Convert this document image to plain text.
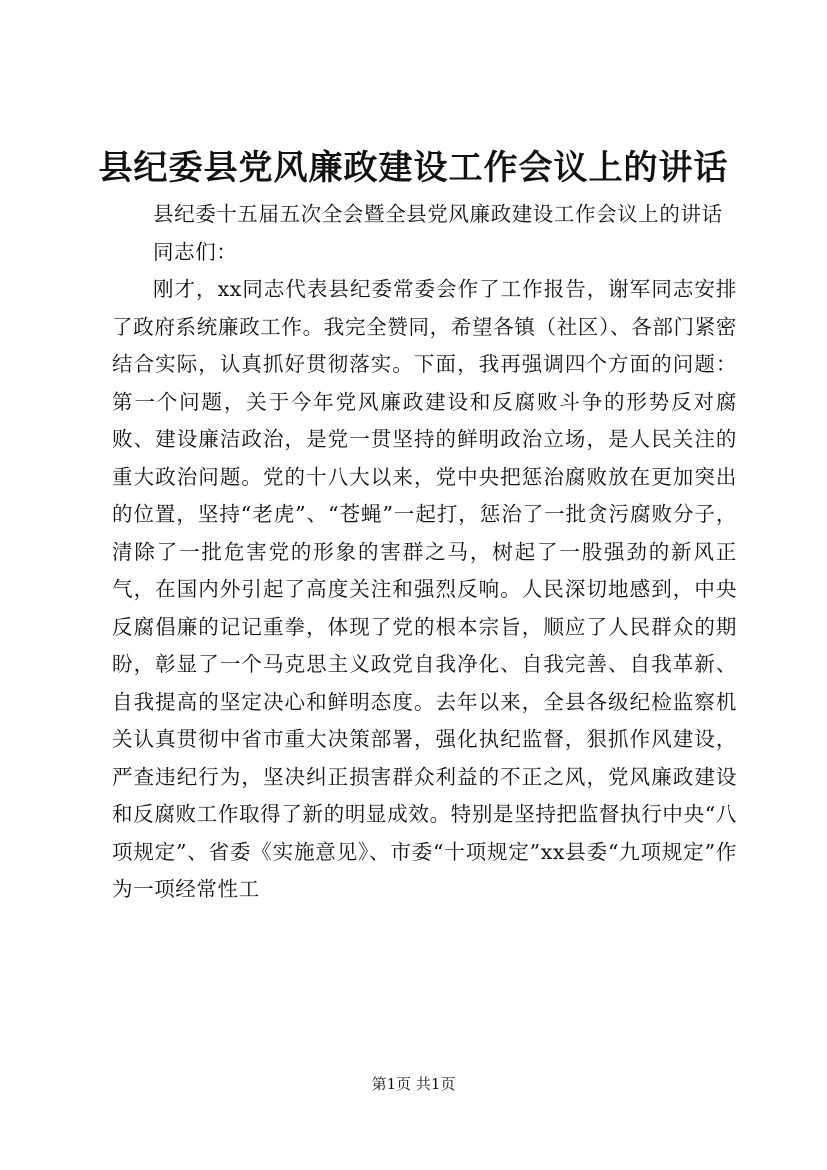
县纪委县党风廉政建设工作会议上的讲话

县纪委十五届五次全会暨全县党风廉政建设工作会议上的讲话

同志们：

刚才，xx同志代表县纪委常委会作了工作报告，谢军同志安排了政府系统廉政工作。我完全赞同，希望各镇（社区）、各部门紧密结合实际，认真抓好贯彻落实。下面，我再强调四个方面的问题：第一个问题，关于今年党风廉政建设和反腐败斗争的形势反对腐败、建设廉洁政治，是党一贯坚持的鲜明政治立场，是人民关注的重大政治问题。党的十八大以来，党中央把惩治腐败放在更加突出的位置，坚持“老虎”、“苍蝇”一起打，惩治了一批贪污腐败分子，清除了一批危害党的形象的害群之马，树起了一股强劲的新风正气，在国内外引起了高度关注和强烈反响。人民深切地感到，中央反腐倡廉的记记重拳，体现了党的根本宗旨，顺应了人民群众的期盼，彰显了一个马克思主义政党自我净化、自我完善、自我革新、自我提高的坚定决心和鲜明态度。去年以来，全县各级纪检监察机关认真贯彻中省市重大决策部署，强化执纪监督，狠抓作风建设，严查违纪行为，坚决纠正损害群众利益的不正之风，党风廉政建设和反腐败工作取得了新的明显成效。特别是坚持把监督执行中央“八项规定”、省委《实施意见》、市委“十项规定”xx县委“九项规定”作为一项经常性工

第1页 共1页
